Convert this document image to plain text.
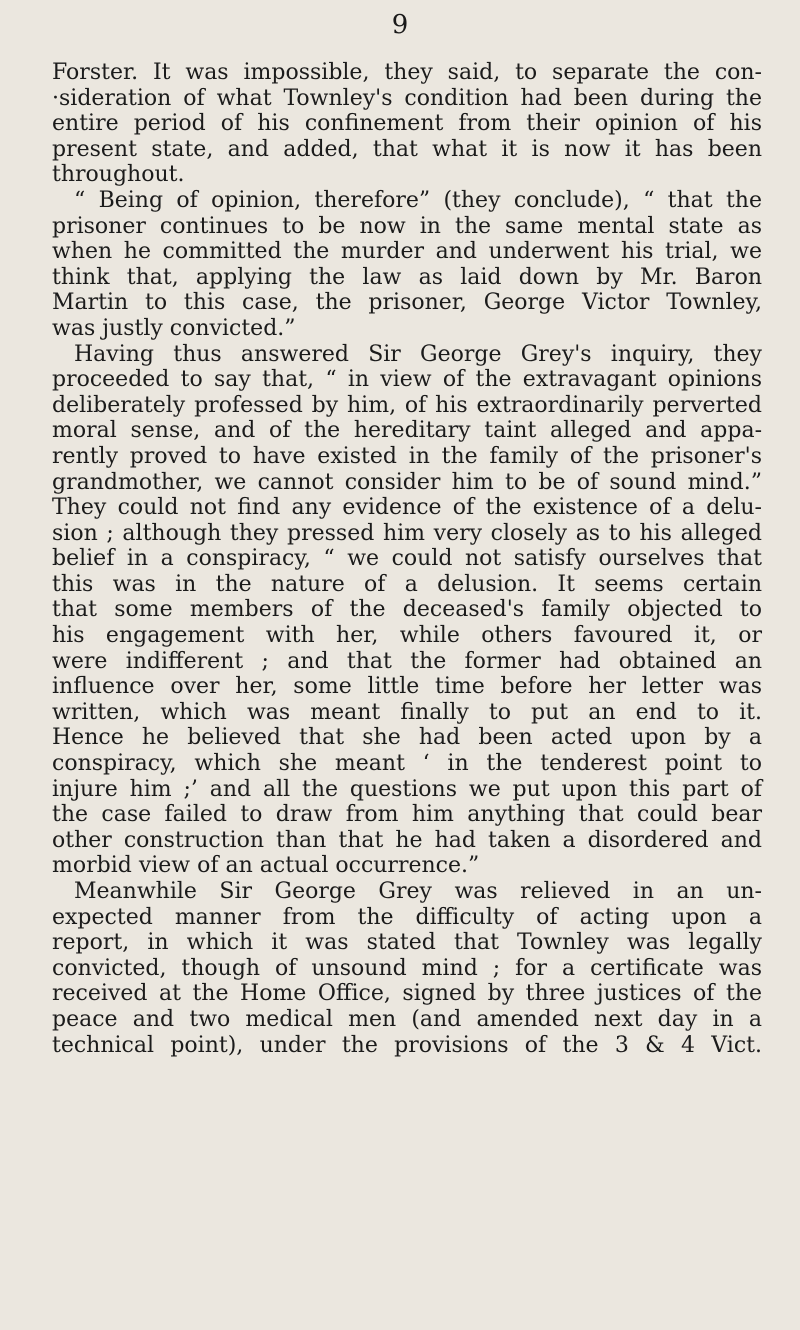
9
Forster. It was impossible, they said, to separate the con-
·sideration of what Townley's condition had been during the
entire period of his confinement from their opinion of his
present state, and added, that what it is now it has been
throughout.
“ Being of opinion, therefore” (they conclude), “ that the
prisoner continues to be now in the same mental state as
when he committed the murder and underwent his trial, we
think that, applying the law as laid down by Mr. Baron
Martin to this case, the prisoner, George Victor Townley,
was justly convicted.”
Having thus answered Sir George Grey's inquiry, they
proceeded to say that, “ in view of the extravagant opinions
deliberately professed by him, of his extraordinarily perverted
moral sense, and of the hereditary taint alleged and appa-
rently proved to have existed in the family of the prisoner's
grandmother, we cannot consider him to be of sound mind.”
They could not find any evidence of the existence of a delu-
sion ; although they pressed him very closely as to his alleged
belief in a conspiracy, “ we could not satisfy ourselves that
this was in the nature of a delusion. It seems certain
that some members of the deceased's family objected to
his engagement with her, while others favoured it, or
were indifferent ; and that the former had obtained an
influence over her, some little time before her letter was
written, which was meant finally to put an end to it.
Hence he believed that she had been acted upon by a
conspiracy, which she meant ‘ in the tenderest point to
injure him ;’ and all the questions we put upon this part of
the case failed to draw from him anything that could bear
other construction than that he had taken a disordered and
morbid view of an actual occurrence.”
Meanwhile Sir George Grey was relieved in an un-
expected manner from the difficulty of acting upon a
report, in which it was stated that Townley was legally
convicted, though of unsound mind ; for a certificate was
received at the Home Office, signed by three justices of the
peace and two medical men (and amended next day in a
technical point), under the provisions of the 3 & 4 Vict.
